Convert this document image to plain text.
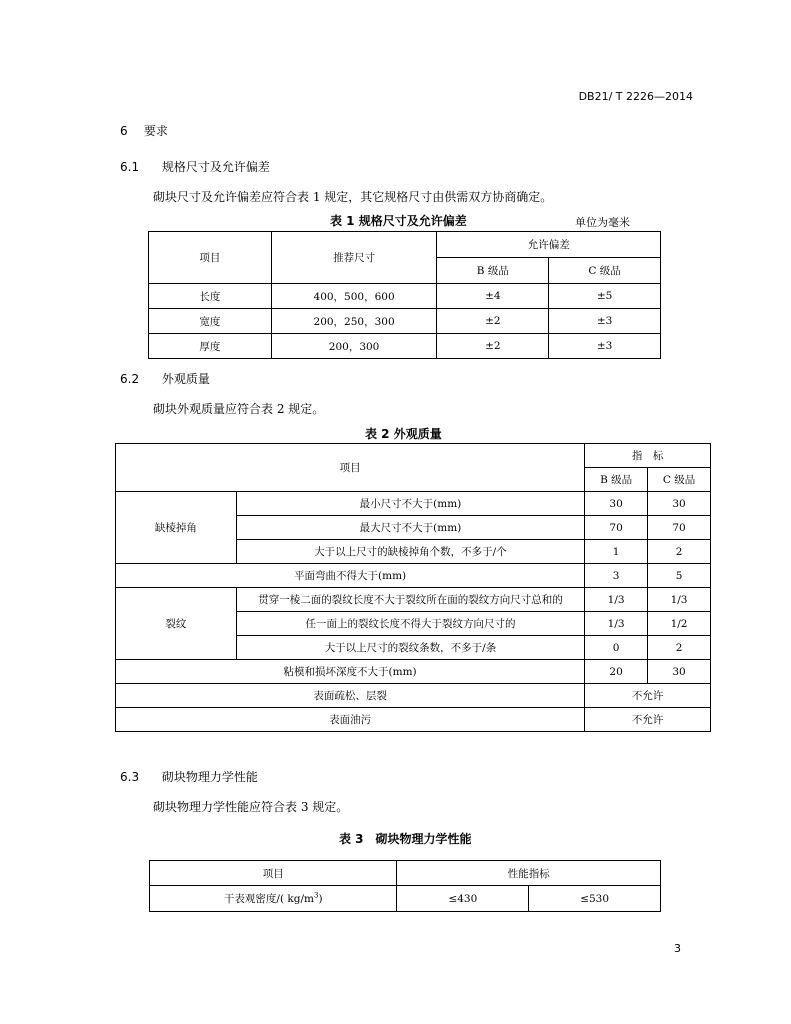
DB21/ T 2226—2014
6 要求
6.1 规格尺寸及允许偏差
砌块尺寸及允许偏差应符合表 1 规定，其它规格尺寸由供需双方协商确定。
表 1 规格尺寸及允许偏差	单位为毫米
项目	推荐尺寸	允许偏差	
		B 级品	C 级品
长度	400，500，600	±4	±5
宽度	200，250，300	±2	±3
厚度	200，300	±2	±3
6.2 外观质量
砌块外观质量应符合表 2 规定。
表 2 外观质量
项目		指　标	
		B 级品	C 级品
缺棱掉角	最小尺寸不大于(mm)	30	30
	最大尺寸不大于(mm)	70	70
	大于以上尺寸的缺棱掉角个数，不多于/个	1	2
平面弯曲不得大于(mm)		3	5
裂纹	贯穿一棱二面的裂纹长度不大于裂纹所在面的裂纹方向尺寸总和的	1/3	1/3
	任一面上的裂纹长度不得大于裂纹方向尺寸的	1/3	1/2
	大于以上尺寸的裂纹条数，不多于/条	0	2
粘模和损坏深度不大于(mm)		20	30
表面疏松、层裂		不允许	
表面油污		不允许	
6.3 砌块物理力学性能
砌块物理力学性能应符合表 3 规定。
表 3　砌块物理力学性能
项目	性能指标	
干表观密度/( $kg/m^3$)	≤430	≤530
3
